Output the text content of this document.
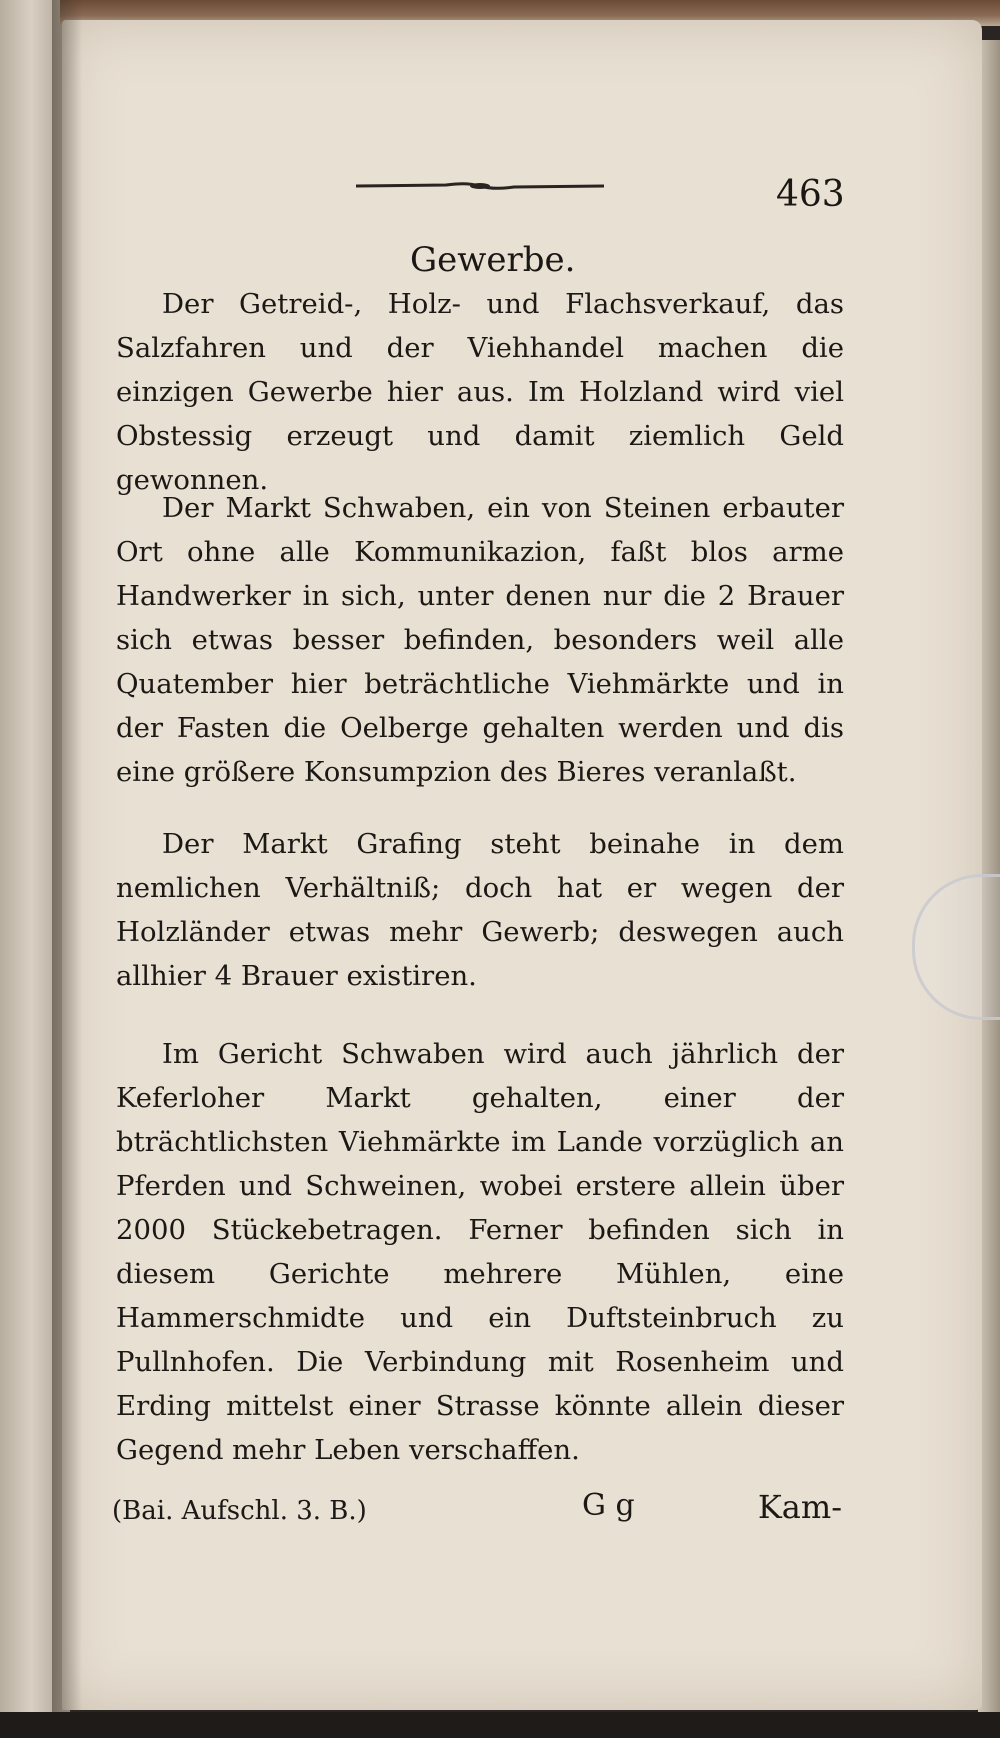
463
Gewerbe.
Der Getreid-, Holz- und Flachsverkauf, das Salzfahren und der Viehhandel machen die einzigen Gewerbe hier aus. Im Holzland wird viel Obstessig erzeugt und damit ziemlich Geld gewonnen.
Der Markt Schwaben, ein von Steinen erbauter Ort ohne alle Kommunikazion, faßt blos arme Handwerker in sich, unter denen nur die 2 Brauer sich etwas besser befinden, besonders weil alle Quatember hier beträchtliche Viehmärkte und in der Fasten die Oelberge gehalten werden und dis eine größere Konsumpzion des Bieres veranlaßt.
Der Markt Grafing steht beinahe in dem nemlichen Verhältniß; doch hat er wegen der Holzländer etwas mehr Gewerb; deswegen auch allhier 4 Brauer existiren.
Im Gericht Schwaben wird auch jährlich der Keferloher Markt gehalten, einer der bträchtlichsten Viehmärkte im Lande vorzüglich an Pferden und Schweinen, wobei erstere allein über 2000 Stückebetragen. Ferner befinden sich in diesem Gerichte mehrere Mühlen, eine Hammerschmidte und ein Duftsteinbruch zu Pullnhofen. Die Verbindung mit Rosenheim und Erding mittelst einer Strasse könnte allein dieser Gegend mehr Leben verschaffen.
(Bai. Aufschl. 3. B.)	G g	Kam-
